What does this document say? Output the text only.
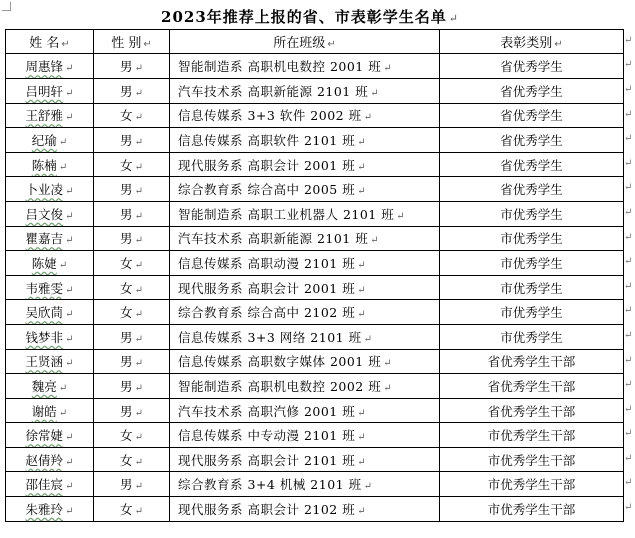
2023年推荐上报的省、市表彰学生名单 ↵
姓 名 ↵	性 别 ↵	所在班级 ↵	表彰类别 ↵
周惠锋 ↵	男 ↵	智能制造系 高职机电数控 2001 班 ↵	省优秀学生
吕明轩 ↵	男 ↵	汽车技术系 高职新能源 2101 班 ↵	省优秀学生
王舒雅 ↵	女 ↵	信息传媒系 3+3 软件 2002 班 ↵	省优秀学生
纪瑜 ↵	男 ↵	信息传媒系 高职软件 2101 班 ↵	省优秀学生
陈楠 ↵	女 ↵	现代服务系 高职会计 2001 班 ↵	省优秀学生
卜业凌 ↵	男 ↵	综合教育系 综合高中 2005 班 ↵	省优秀学生
吕文俊 ↵	男 ↵	智能制造系 高职工业机器人 2101 班 ↵	市优秀学生
瞿嘉吉 ↵	男 ↵	汽车技术系 高职新能源 2101 班 ↵	市优秀学生
陈婕 ↵	女 ↵	信息传媒系 高职动漫 2101 班 ↵	市优秀学生
韦雅雯 ↵	女 ↵	现代服务系 高职会计 2001 班 ↵	市优秀学生
吴欣茼 ↵	女 ↵	综合教育系 综合高中 2102 班 ↵	市优秀学生
钱梦非 ↵	男 ↵	信息传媒系 3+3 网络 2101 班 ↵	市优秀学生
王贤涵 ↵	男 ↵	信息传媒系 高职数字媒体 2001 班 ↵	省优秀学生干部
魏亮 ↵	男 ↵	智能制造系 高职机电数控 2002 班 ↵	省优秀学生干部
谢皓 ↵	男 ↵	汽车技术系 高职汽修 2001 班 ↵	省优秀学生干部
徐常婕 ↵	女 ↵	信息传媒系 中专动漫 2101 班 ↵	市优秀学生干部
赵倩羚 ↵	女 ↵	现代服务系 高职会计 2101 班 ↵	市优秀学生干部
邵佳宸 ↵	男 ↵	综合教育系 3+4 机械 2101 班 ↵	市优秀学生干部
朱雅玲 ↵	女 ↵	现代服务系 高职会计 2102 班 ↵	市优秀学生干部
↵
↵
↵
↵
↵
↵
↵
↵
↵
↵
↵
↵
↵
↵
↵
↵
↵
↵
↵
↵
